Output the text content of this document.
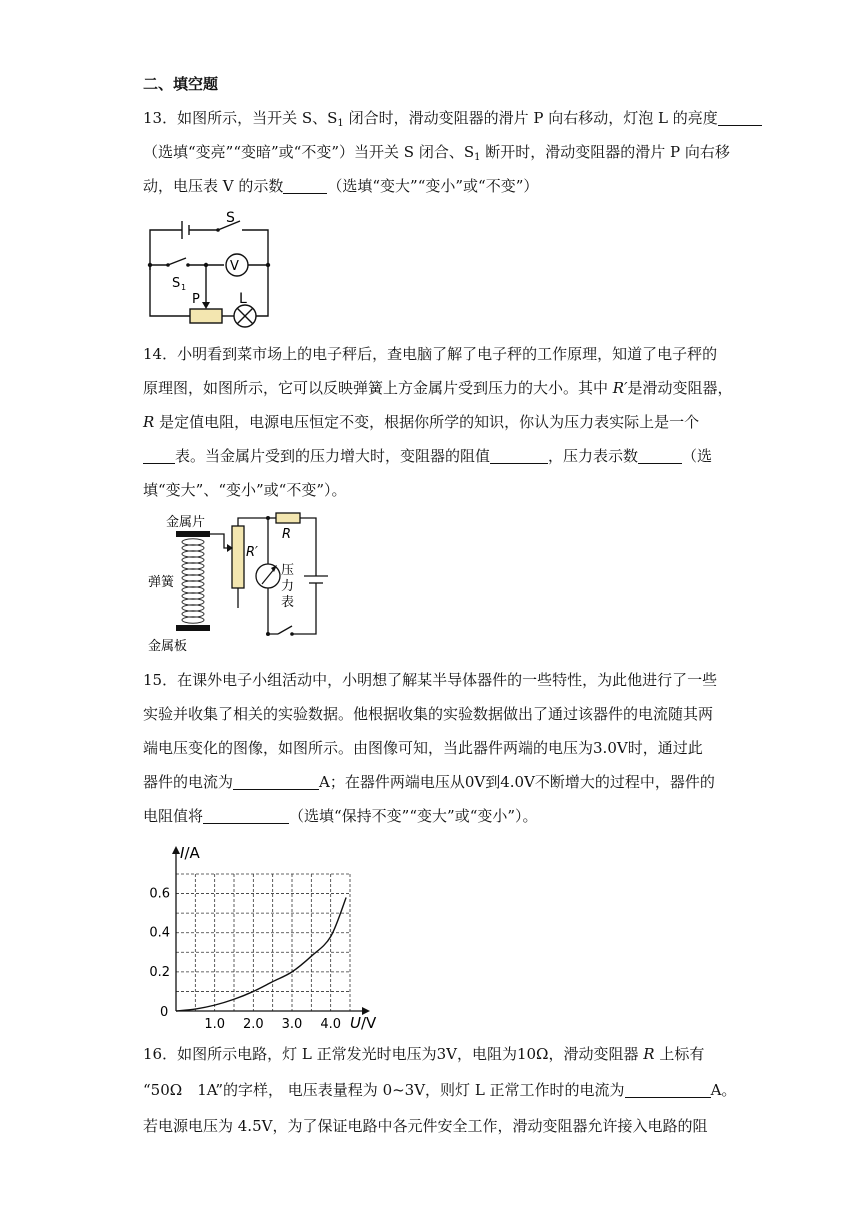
二、填空题
13．如图所示，当开关 S、$S_1$ 闭合时，滑动变阻器的滑片 P 向右移动，灯泡 L 的亮度
（选填“变亮”“变暗”或“不变”）当开关 S 闭合、$S_1$ 断开时，滑动变阻器的滑片 P 向右移
动，电压表 V 的示数	（选填“变大”“变小”或“不变”）
S
V
S 1
P	L
14．小明看到菜市场上的电子秤后，查电脑了解了电子秤的工作原理，知道了电子秤的
原理图，如图所示，它可以反映弹簧上方金属片受到压力的大小。其中 R′是滑动变阻器，
R 是定值电阻，电源电压恒定不变，根据你所学的知识，你认为压力表实际上是一个
表。当金属片受到的压力增大时，变阻器的阻值	，压力表示数	（选
填“变大”、“变小”或“不变”）。
金属片
弹簧
金属板
R′
R
压
力
表
15．在课外电子小组活动中，小明想了解某半导体器件的一些特性，为此他进行了一些
实验并收集了相关的实验数据。他根据收集的实验数据做出了通过该器件的电流随其两
端电压变化的图像，如图所示。由图像可知，当此器件两端的电压为3.0V时，通过此
器件的电流为	A；在器件两端电压从0V到4.0V不断增大的过程中，器件的
电阻值将	（选填“保持不变”“变大”或“变小”）。
1.0 2.0 3.0 4.0
0.2
0.4
0.6
I/A
U/V
0
16．如图所示电路，灯 L 正常发光时电压为3V，电阻为10Ω，滑动变阻器 R 上标有
“50Ω　1A”的字样， 电压表量程为 0~3V，则灯 L 正常工作时的电流为	A。
若电源电压为 4.5V，为了保证电路中各元件安全工作，滑动变阻器允许接入电路的阻
